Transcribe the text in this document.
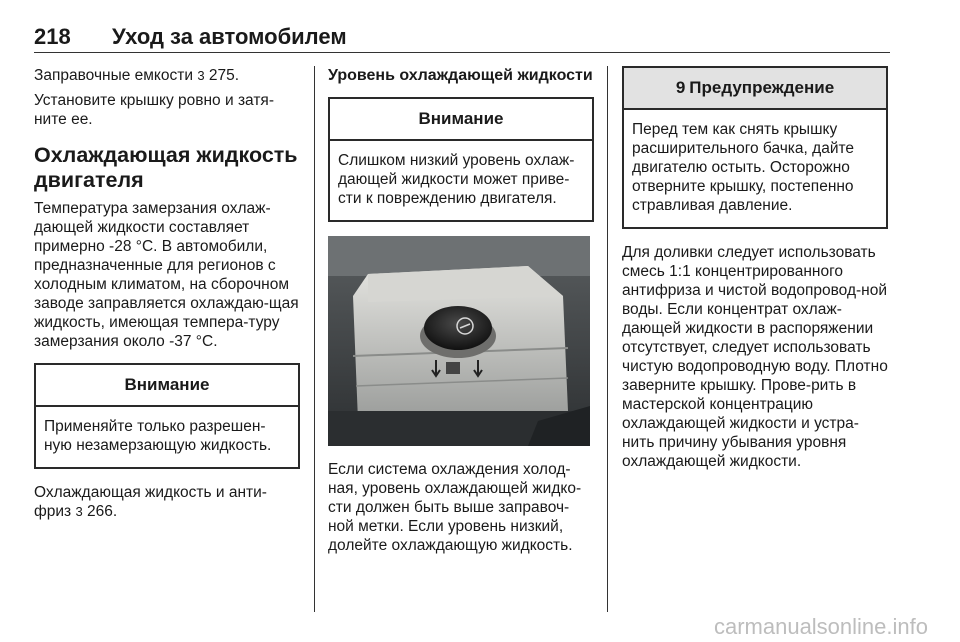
218 Уход за автомобилем

Заправочные емкости 3 275.

Установите крышку ровно и затя-ните ее.

Охлаждающая жидкость двигателя

Температура замерзания охлаж-дающей жидкости составляет примерно -28 °C. В автомобили, предназначенные для регионов с холодным климатом, на сборочном заводе заправляется охлаждаю-щая жидкость, имеющая темпера-туру замерзания около -37 °C.

Внимание
Применяйте только разрешен-ную незамерзающую жидкость.

Охлаждающая жидкость и анти-фриз 3 266.

Уровень охлаждающей жидкости
Внимание
Слишком низкий уровень охлаж-дающей жидкости может приве-сти к повреждению двигателя.

Если система охлаждения холод-ная, уровень охлаждающей жидко-сти должен быть выше заправоч-ной метки. Если уровень низкий, долейте охлаждающую жидкость.

9 Предупреждение
Перед тем как снять крышку расширительного бачка, дайте двигателю остыть. Осторожно отверните крышку, постепенно стравливая давление.

Для доливки следует использовать смесь 1:1 концентрированного антифриза и чистой водопровод-ной воды. Если концентрат охлаж-дающей жидкости в распоряжении отсутствует, следует использовать чистую водопроводную воду. Плотно заверните крышку. Прове-рить в мастерской концентрацию охлаждающей жидкости и устра-нить причину убывания уровня охлаждающей жидкости.

carmanualsonline.info
